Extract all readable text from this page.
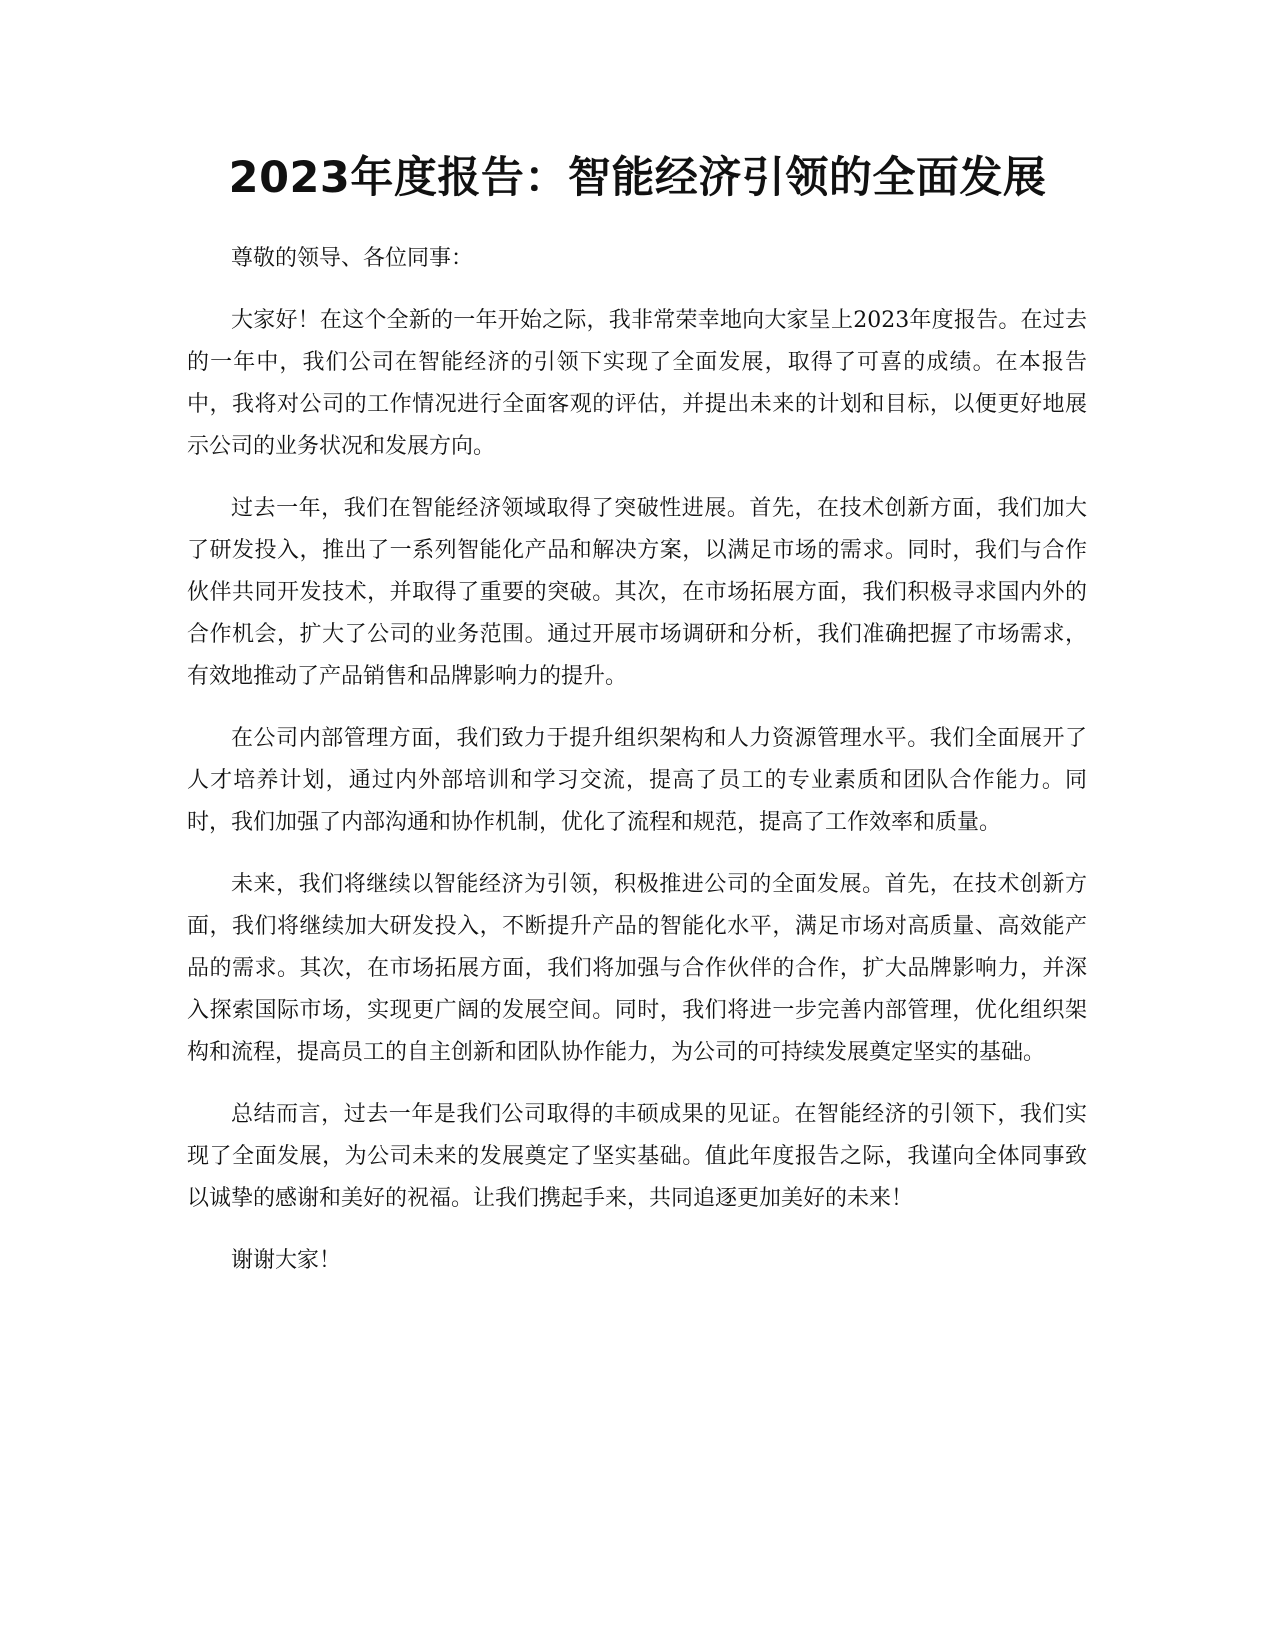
2023年度报告：智能经济引领的全面发展

尊敬的领导、各位同事：

大家好！在这个全新的一年开始之际，我非常荣幸地向大家呈上2023年度报告。在过去的一年中，我们公司在智能经济的引领下实现了全面发展，取得了可喜的成绩。在本报告中，我将对公司的工作情况进行全面客观的评估，并提出未来的计划和目标，以便更好地展示公司的业务状况和发展方向。

过去一年，我们在智能经济领域取得了突破性进展。首先，在技术创新方面，我们加大了研发投入，推出了一系列智能化产品和解决方案，以满足市场的需求。同时，我们与合作伙伴共同开发技术，并取得了重要的突破。其次，在市场拓展方面，我们积极寻求国内外的合作机会，扩大了公司的业务范围。通过开展市场调研和分析，我们准确把握了市场需求，有效地推动了产品销售和品牌影响力的提升。

在公司内部管理方面，我们致力于提升组织架构和人力资源管理水平。我们全面展开了人才培养计划，通过内外部培训和学习交流，提高了员工的专业素质和团队合作能力。同时，我们加强了内部沟通和协作机制，优化了流程和规范，提高了工作效率和质量。

未来，我们将继续以智能经济为引领，积极推进公司的全面发展。首先，在技术创新方面，我们将继续加大研发投入，不断提升产品的智能化水平，满足市场对高质量、高效能产品的需求。其次，在市场拓展方面，我们将加强与合作伙伴的合作，扩大品牌影响力，并深入探索国际市场，实现更广阔的发展空间。同时，我们将进一步完善内部管理，优化组织架构和流程，提高员工的自主创新和团队协作能力，为公司的可持续发展奠定坚实的基础。

总结而言，过去一年是我们公司取得的丰硕成果的见证。在智能经济的引领下，我们实现了全面发展，为公司未来的发展奠定了坚实基础。值此年度报告之际，我谨向全体同事致以诚挚的感谢和美好的祝福。让我们携起手来，共同追逐更加美好的未来！

谢谢大家！
